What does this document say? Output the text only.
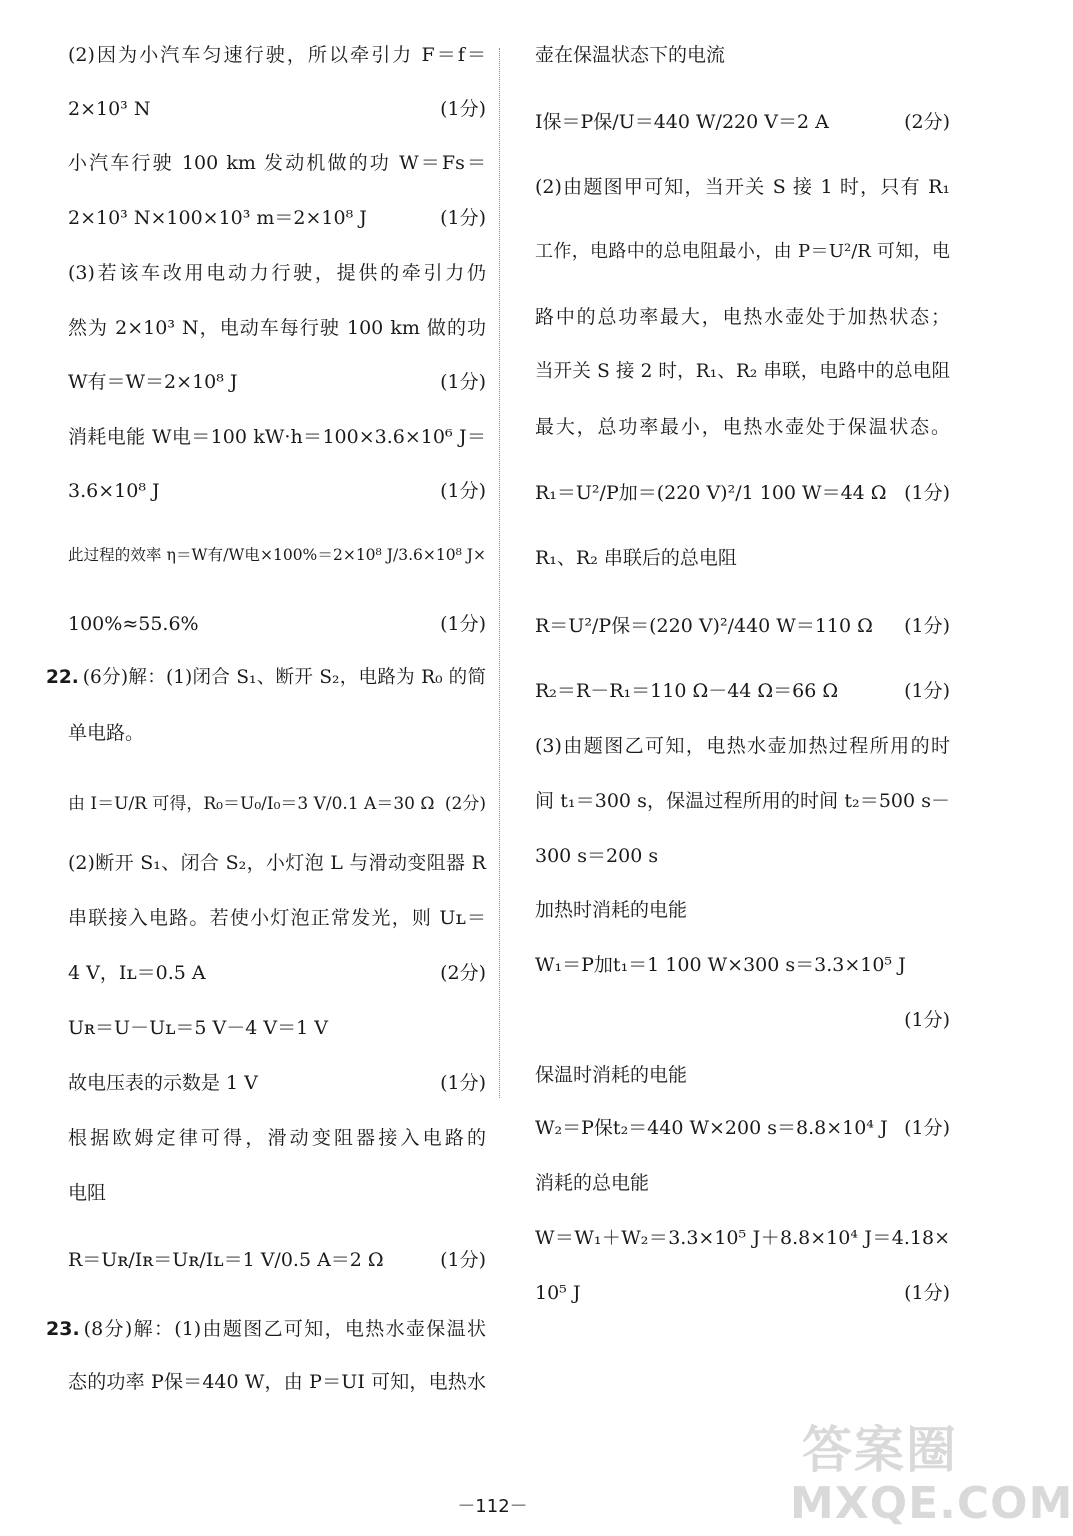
(2)因为小汽车匀速行驶，所以牵引力 F＝f＝
2×10³ N	(1分)
小汽车行驶 100 km 发动机做的功 W＝Fs＝
2×10³ N×100×10³ m＝2×10⁸ J	(1分)
(3)若该车改用电动力行驶，提供的牵引力仍
然为 2×10³ N，电动车每行驶 100 km 做的功
W有＝W＝2×10⁸ J	(1分)
消耗电能 W电＝100 kW·h＝100×3.6×10⁶ J＝
3.6×10⁸ J	(1分)
此过程的效率 η＝W有/W电×100%＝2×10⁸ J/3.6×10⁸ J×
100%≈55.6%	(1分)
22. (6分)解：(1)闭合 S₁、断开 S₂，电路为 R₀ 的简
单电路。
由 I＝U/R 可得，R₀＝U₀/I₀＝3 V/0.1 A＝30 Ω (2分)
(2)断开 S₁、闭合 S₂，小灯泡 L 与滑动变阻器 R
串联接入电路。若使小灯泡正常发光，则 Uʟ＝
4 V，Iʟ＝0.5 A	(2分)
Uʀ＝U－Uʟ＝5 V－4 V＝1 V
故电压表的示数是 1 V	(1分)
根据欧姆定律可得，滑动变阻器接入电路的
电阻
R＝Uʀ/Iʀ＝Uʀ/Iʟ＝1 V/0.5 A＝2 Ω	(1分)
23. (8分)解：(1)由题图乙可知，电热水壶保温状
态的功率 P保＝440 W，由 P＝UI 可知，电热水
壶在保温状态下的电流
I保＝P保/U＝440 W/220 V＝2 A	(2分)
(2)由题图甲可知，当开关 S 接 1 时，只有 R₁
工作，电路中的总电阻最小，由 P＝U²/R 可知，电
路中的总功率最大，电热水壶处于加热状态；
当开关 S 接 2 时，R₁、R₂ 串联，电路中的总电阻
最大，总功率最小，电热水壶处于保温状态。
R₁＝U²/P加＝(220 V)²/1 100 W＝44 Ω (1分)
R₁、R₂ 串联后的总电阻
R＝U²/P保＝(220 V)²/440 W＝110 Ω (1分)
R₂＝R－R₁＝110 Ω－44 Ω＝66 Ω	(1分)
(3)由题图乙可知，电热水壶加热过程所用的时
间 t₁＝300 s，保温过程所用的时间 t₂＝500 s－
300 s＝200 s
加热时消耗的电能
W₁＝P加t₁＝1 100 W×300 s＝3.3×10⁵ J
(1分)
保温时消耗的电能
W₂＝P保t₂＝440 W×200 s＝8.8×10⁴ J (1分)
消耗的总电能
W＝W₁＋W₂＝3.3×10⁵ J＋8.8×10⁴ J＝4.18×
10⁵ J	(1分)
－112－
答案圈
MXQE.COM
